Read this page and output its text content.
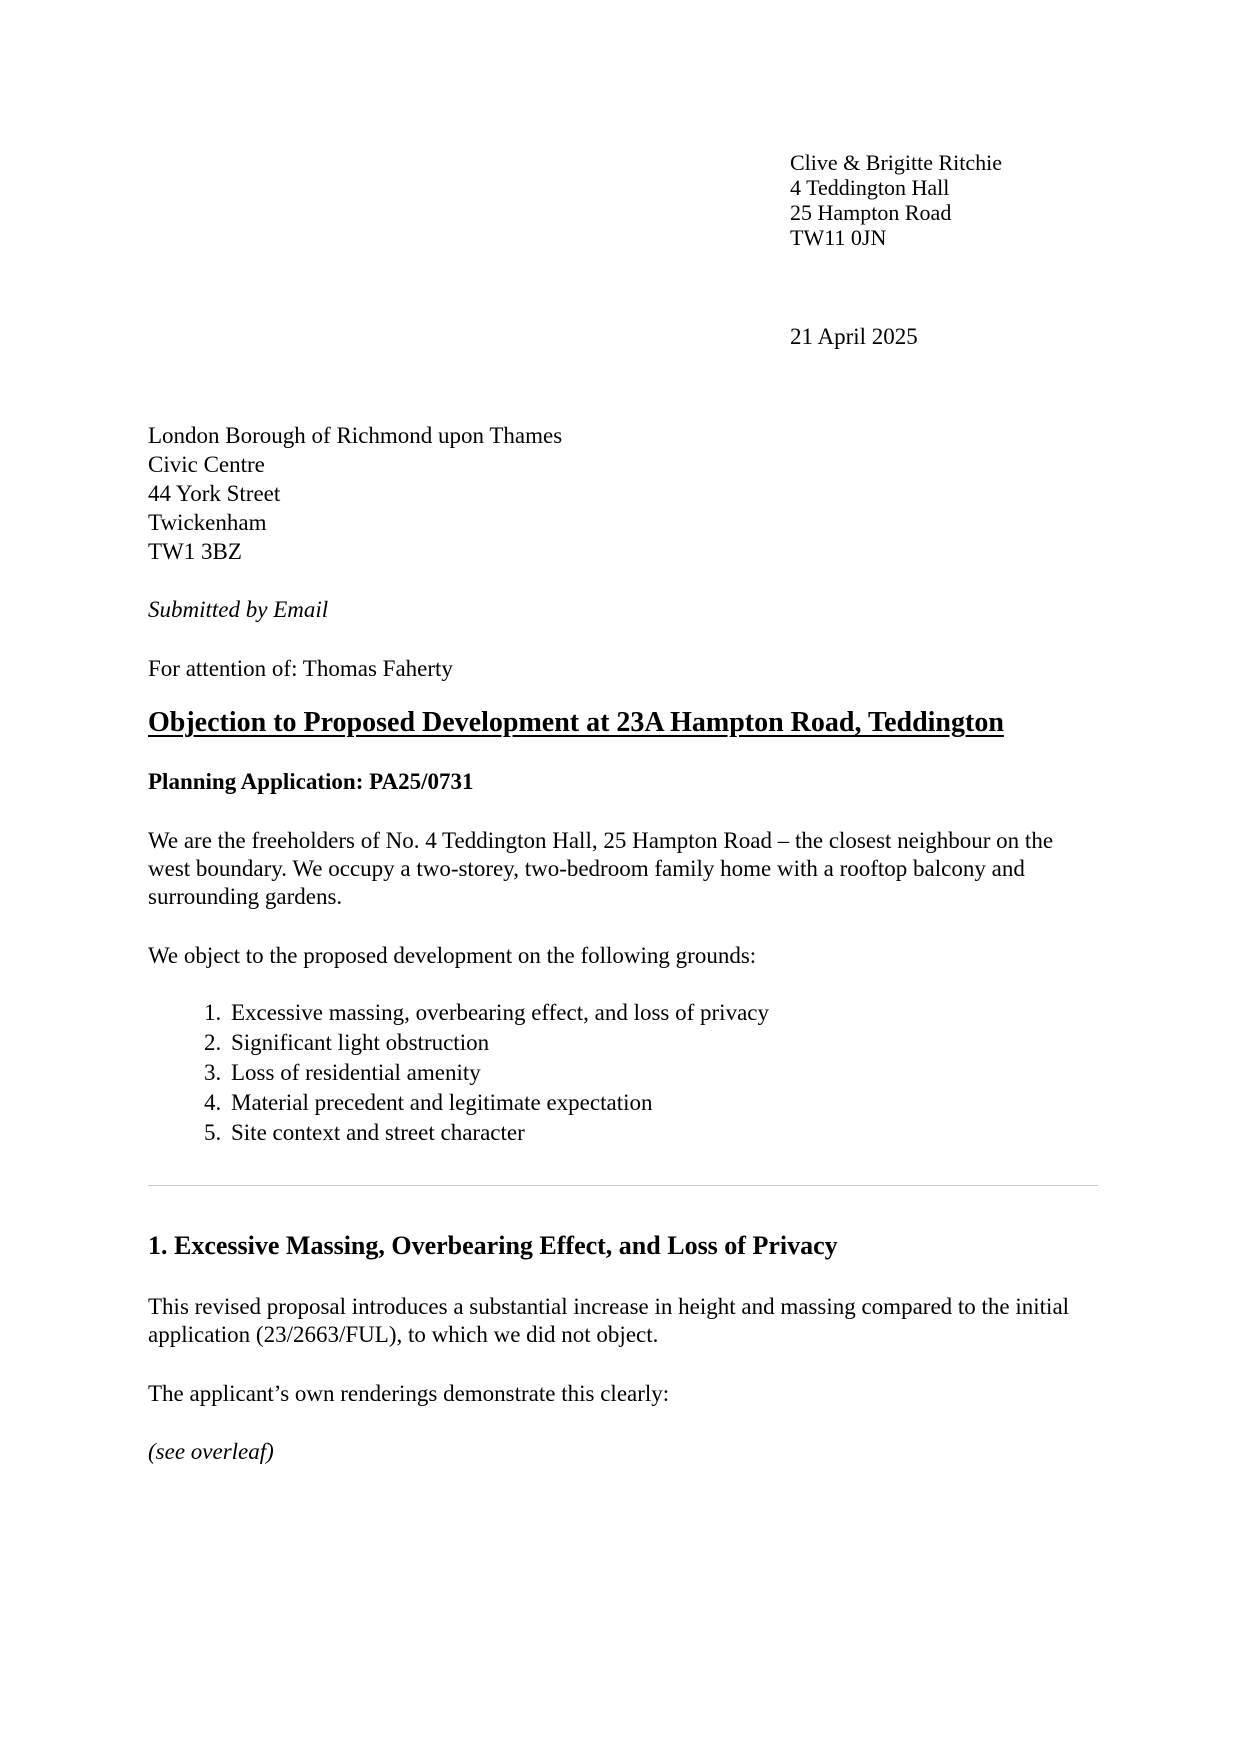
Clive & Brigitte Ritchie
4 Teddington Hall
25 Hampton Road
TW11 0JN
21 April 2025
London Borough of Richmond upon Thames
Civic Centre
44 York Street
Twickenham
TW1 3BZ
Submitted by Email
For attention of: Thomas Faherty
Objection to Proposed Development at 23A Hampton Road, Teddington
Planning Application: PA25/0731

We are the freeholders of No. 4 Teddington Hall, 25 Hampton Road – the closest neighbour on the west boundary. We occupy a two-storey, two-bedroom family home with a rooftop balcony and surrounding gardens.

We object to the proposed development on the following grounds:

1. Excessive massing, overbearing effect, and loss of privacy
2. Significant light obstruction
3. Loss of residential amenity
4. Material precedent and legitimate expectation
5. Site context and street character
1. Excessive Massing, Overbearing Effect, and Loss of Privacy

This revised proposal introduces a substantial increase in height and massing compared to the initial application (23/2663/FUL), to which we did not object.

The applicant’s own renderings demonstrate this clearly:

(see overleaf)
